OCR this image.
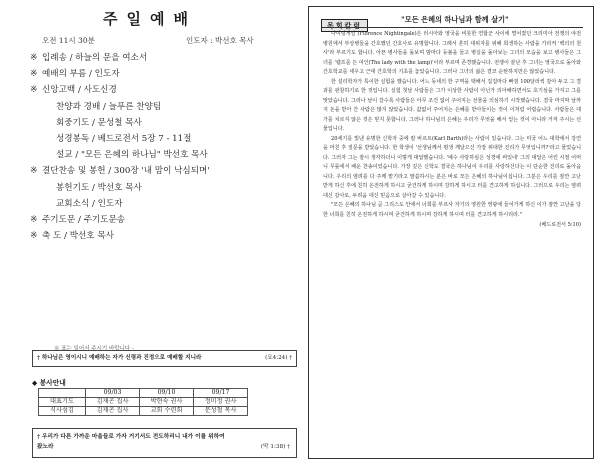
주일예배
오전 11시 30분	인도자 : 박선호 목사
※ 입례송 / 하늘의 문을 여소서
※ 예배의 부름 / 인도자
※ 신앙고백 / 사도신경
찬양과 경배 / 늘푸른 찬양팀
회중기도 / 문성철 목사
성경봉독 / 베드로전서 5장 7 - 11절
설교 / "모든 은혜의 하나님" 박선호 목사
※ 결단찬송 및 봉헌 / 300장 '내 맘이 낙심되며'
봉헌기도 / 박선호 목사
교회소식 / 인도자
※ 주기도문 / 주기도문송
※ 축 도 / 박선호 목사
※ 표는 일어서 주시기 바랍니다 -
† 하나님은 영이시니 예배하는 자가 신령과 진정으로 예배할 지니라	(요4:24) †
◆ 봉사안내
	09/03	09/10	09/17
대표기도	김재곤 집사	박현숙 권사	정미정 권사
식사섬김	김재곤 집사	교회 수련회	문성철 목사
† 우리가 다른 가까운 마을들로 가자 거기서도 전도하리니 내가 이를 위하여
왔노라	(막 1:38) †
목회칼럼
"모든 은혜의 하나님과 함께 살기"

나이팅게일 (Florence Nightingale)은 러시아와 영국을 비롯한 연합군 사이에 벌어졌던 크리미아 전쟁의 야전 병원에서 부상병들을 간호했던 간호사로 유명합니다. 그래서 흔히 대위자를 위해 희생하는 사람을 가리켜 '백의의 천사'라 부르기도 합니다. 아픈 병사들을 돌보며 밤마다 등불을 들고 병실을 돌아보는 그녀의 모습을 보고 병사들은 그녀를 '램프를 든 여인(The lady with the lamp)'이라 부르며 존경했습니다. 전쟁이 끝난 후 그녀는 영국으로 돌아와 간호학교를 세우고 근대 간호학의 기초를 놓았습니다. 그러나 그녀의 삶은 결코 순탄하지만은 않았습니다.

한 설리학자가 특이한 실험을 했습니다. 어느 동네의 한 구역을 택해서 집집마다 빠짐 100달러씩 갚아 두고 그 결과를 관찰하기로 한 것입니다. 실험 첫날 사람들은 그가 이상한 사람이 아닌가 의아해하면서도 호기심을 가지고 그를 맞았습니다. 그러나 날이 갈수록 사람들은 아무 조건 없이 주어지는 선물을 의심하기 시작했습니다. 결국 마지막 날까지 돈을 받아 간 사람은 많지 않았습니다. 값없이 주어지는 은혜를 받아들이는 것이 이처럼 어렵습니다. 사람들은 대가를 치르지 않은 것은 믿지 못합니다. 그러나 하나님의 은혜는 우리가 무엇을 해서 얻는 것이 아니라 거저 주시는 선물입니다.

20세기를 빛낸 유명한 신학자 중에 칼 바르트(Karl Barth)라는 사람이 있습니다. 그는 미국 어느 대학에서 강연을 마친 후 질문을 받았습니다. 한 학생이 '선생님께서 평생 깨달으신 가장 위대한 진리가 무엇입니까?'라고 물었습니다. 그러자 그는 잠시 생각하더니 이렇게 대답했습니다. '예수 사랑하심은 성경에 써있네' 그의 대답은 어린 시절 어머니 무릎에서 배운 찬송이었습니다. 가장 깊은 신학도 결국은 하나님이 우리를 사랑하신다는 이 단순한 진리로 돌아옵니다. 우리의 염려를 다 주께 맡기라고 말씀하시는 분은 바로 모든 은혜의 하나님이십니다. 그분은 우리를 잠깐 고난 받게 하신 후에 친히 온전하게 하시고 굳건하게 하시며 강하게 하시고 터를 견고하게 하십니다. 그러므로 우리는 염려 대신 감사로, 두려움 대신 믿음으로 살아갈 수 있습니다.

"모든 은혜의 하나님 곧 그리스도 안에서 너희를 부르사 자기의 영원한 영광에 들어가게 하신 이가 잠깐 고난을 당한 너희를 친히 온전하게 하시며 굳건하게 하시며 강하게 하시며 터를 견고하게 하시리라."

(베드로전서 5:10)
